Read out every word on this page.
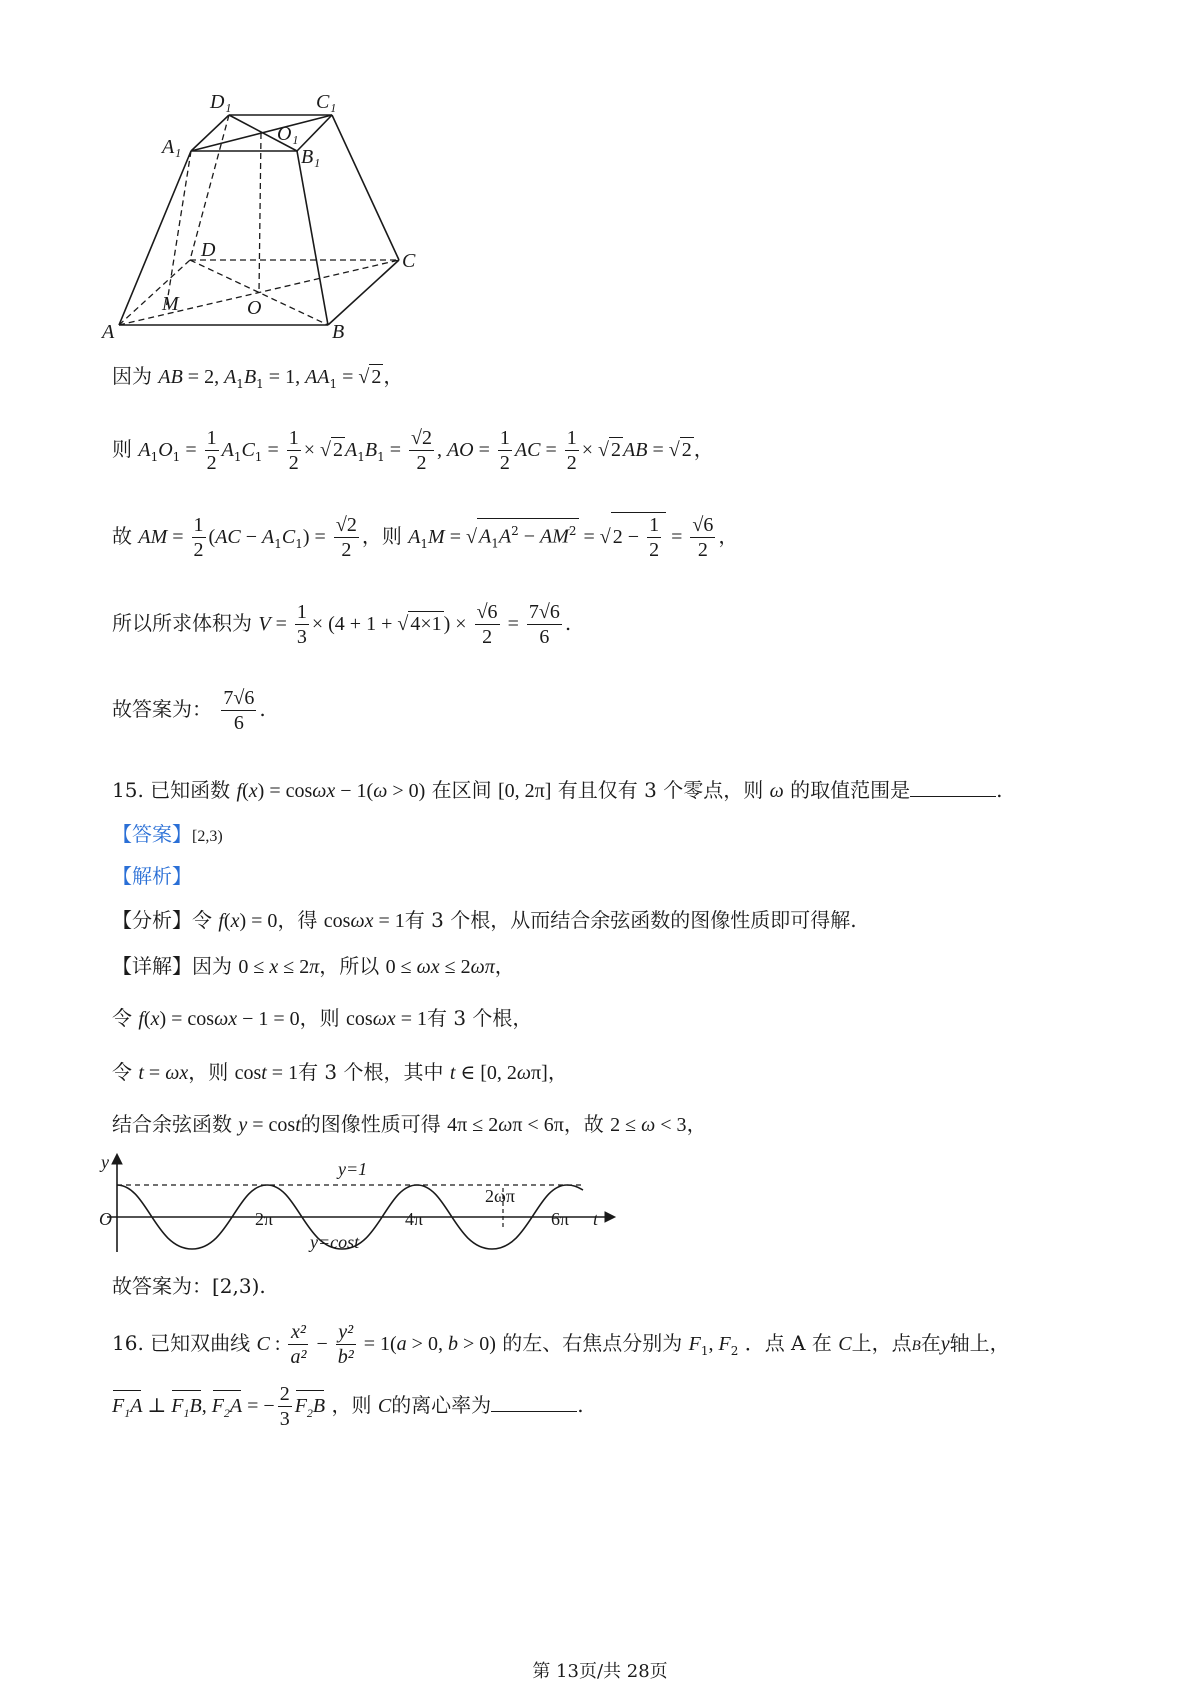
D₁	C₁
A₁
O₁
B₁
D	C
M	O
A	B
因为 AB = 2, $A_1B_1 = 1$, $AA_1$ = √ 2 ，
则 $A_1O_1 = \frac{1}{2} A_1C_1 = \frac{1}{2}$ × √ 2 $A_1B_1 = \frac{√2}{2}$ , AO = $\frac{1}{2}$ AC = $\frac{1}{2}$ × √ 2 AB = √ 2 ，
故 AM = $\frac{1}{2} (AC - A_1C_1) = \frac{√2}{2}$ ，则 $A_1M$ = √ $A_1A^2 - AM^2$ = √ $2 - \frac{1}{2} = \frac{√6}{2}$ ，
所以所求体积为 $V = \frac{1}{3} \times (4 + 1$ + √ 4×1 ) × $\frac{√6}{2} = \frac{7√6}{6}$ .
故答案为： $\frac{7√6}{6}$ .
15. 已知函数 f(x) = cosωx − 1(ω > 0) 在区间 [0, 2π] 有且仅有 3 个零点，则 ω 的取值范围是	.
【答案】[2,3)
【解析】
【分析】令 f(x) = 0，得 cosωx = 1有 3 个根，从而结合余弦函数的图像性质即可得解.
【详解】因为 0 ≤ x ≤ 2π，所以 0 ≤ ωx ≤ 2ωπ，
令 f(x) = cosωx − 1 = 0，则 cosωx = 1有 3 个根，
令 t = ωx，则 cost = 1有 3 个根，其中 t ∈ [0, 2ωπ]，
结合余弦函数 y = cost的图像性质可得 4π ≤ 2ωπ < 6π，故 2 ≤ ω < 3，
y
t
O
y=1
2π	4π	6π
2ωπ
y=cost
故答案为：[2,3).
16. 已知双曲线 C : $\frac{\text{x²}}{\text{a²}} - \frac{\text{y²}}{\text{b²}} = 1(a > 0$, b > 0) 的左、右焦点分别为 $F_1$, $F_2$ ．点 A 在 C上，点B在y轴上，
$F_1A$ ⊥ $F_1B$, $F_2A$ = − $\frac{2}{3} F_2B$ ，则 C的离心率为	.
第 13页/共 28页
